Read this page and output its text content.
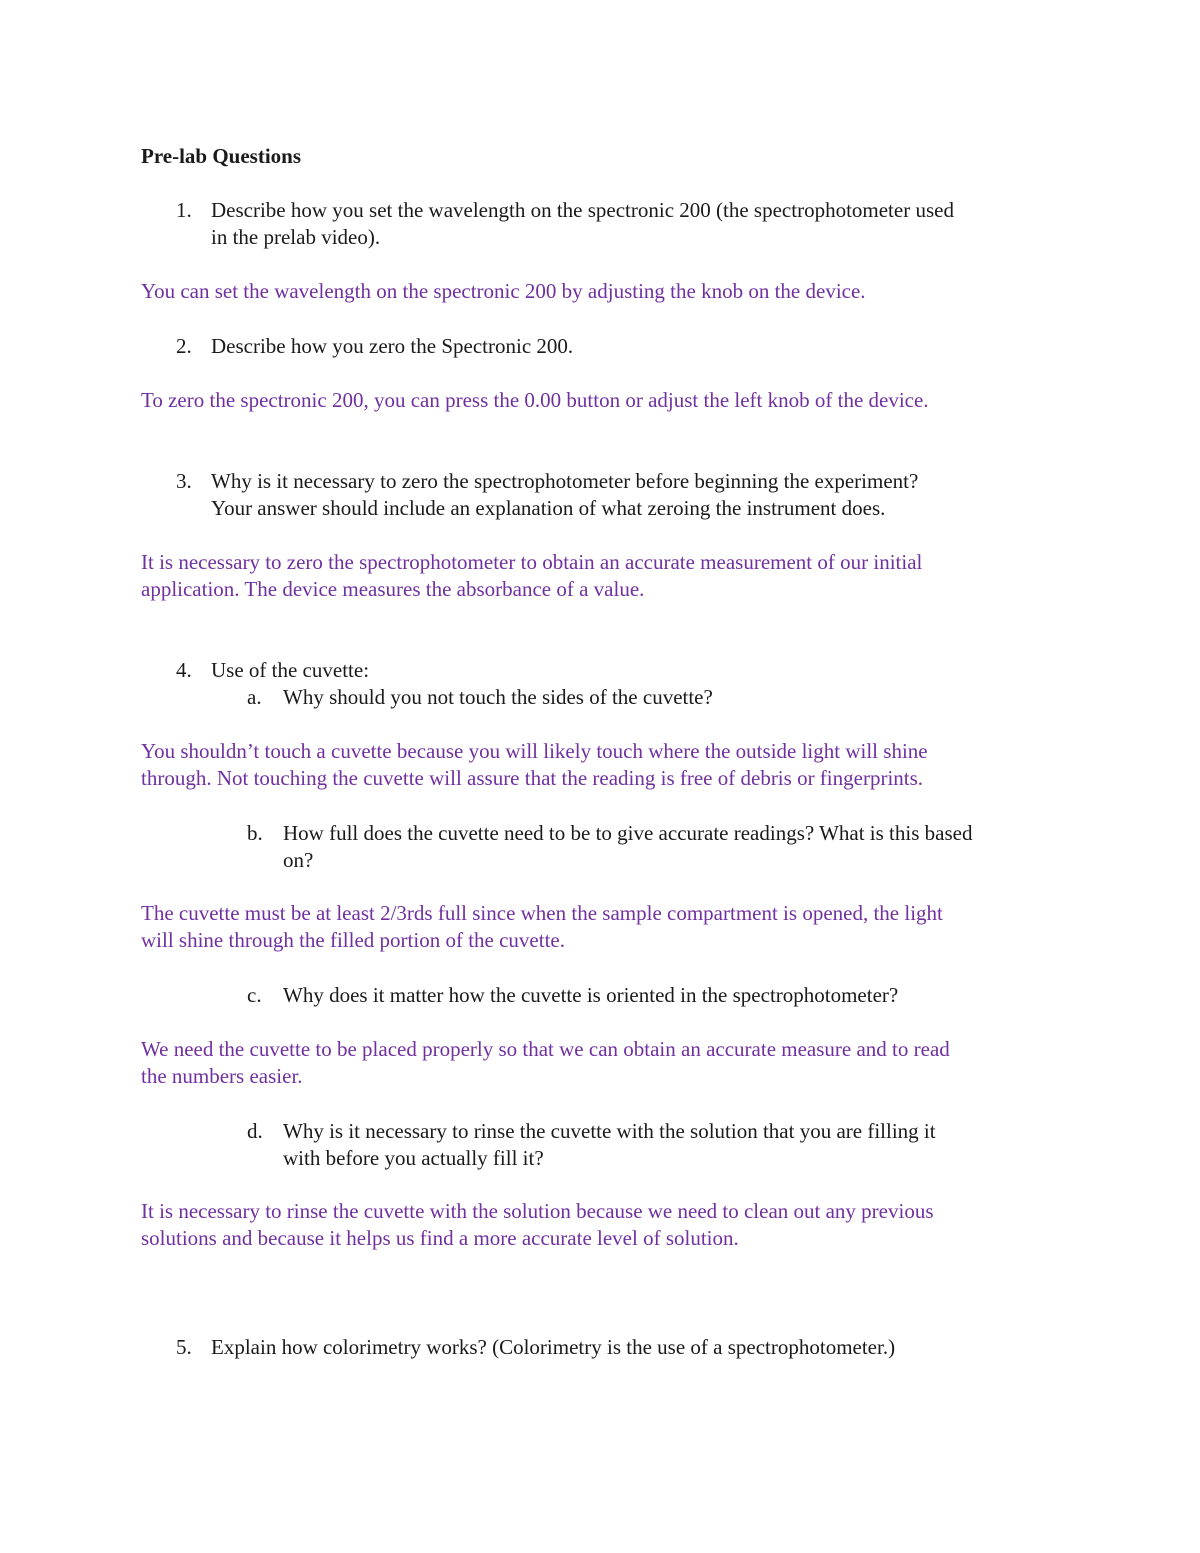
Pre-lab Questions
1. Describe how you set the wavelength on the spectronic 200 (the spectrophotometer used
in the prelab video).
You can set the wavelength on the spectronic 200 by adjusting the knob on the device.
2. Describe how you zero the Spectronic 200.
To zero the spectronic 200, you can press the 0.00 button or adjust the left knob of the device.
3. Why is it necessary to zero the spectrophotometer before beginning the experiment?
Your answer should include an explanation of what zeroing the instrument does.
It is necessary to zero the spectrophotometer to obtain an accurate measurement of our initial
application. The device measures the absorbance of a value.
4. Use of the cuvette:
a. Why should you not touch the sides of the cuvette?
You shouldn’t touch a cuvette because you will likely touch where the outside light will shine
through. Not touching the cuvette will assure that the reading is free of debris or fingerprints.
b. How full does the cuvette need to be to give accurate readings? What is this based
on?
The cuvette must be at least 2/3rds full since when the sample compartment is opened, the light
will shine through the filled portion of the cuvette.
c. Why does it matter how the cuvette is oriented in the spectrophotometer?
We need the cuvette to be placed properly so that we can obtain an accurate measure and to read
the numbers easier.
d. Why is it necessary to rinse the cuvette with the solution that you are filling it
with before you actually fill it?
It is necessary to rinse the cuvette with the solution because we need to clean out any previous
solutions and because it helps us find a more accurate level of solution.
5. Explain how colorimetry works? (Colorimetry is the use of a spectrophotometer.)
